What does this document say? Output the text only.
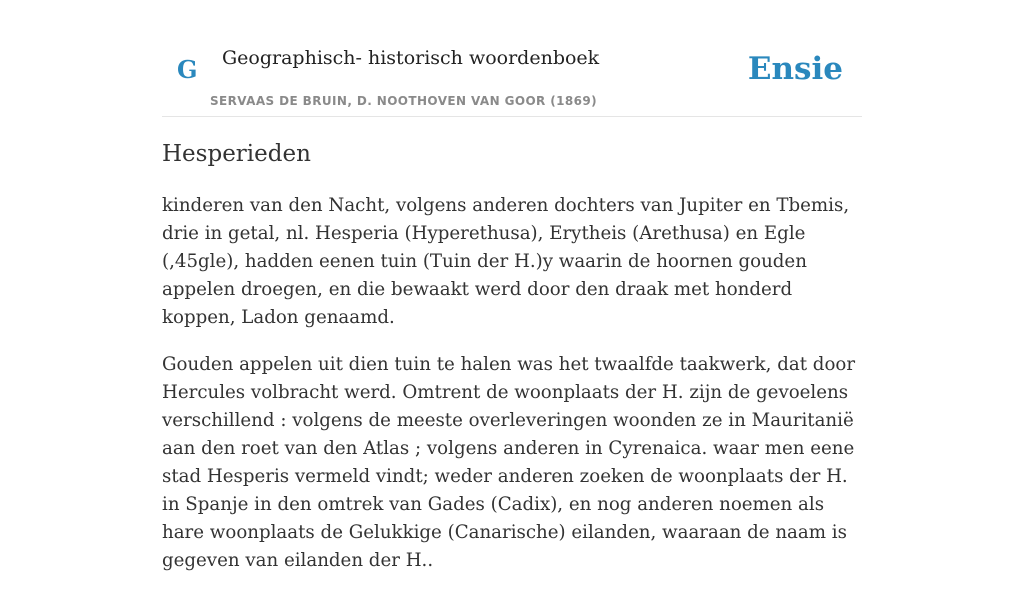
G Geographisch- historisch woordenboek
SERVAAS DE BRUIN, D. NOOTHOVEN VAN GOOR (1869)
Ensie
Hesperieden

kinderen van den Nacht, volgens anderen dochters van Jupiter en Tbemis, drie in getal, nl. Hesperia (Hyperethusa), Erytheis (Arethusa) en Egle (,45gle), hadden eenen tuin (Tuin der H.)y waarin de hoornen gouden appelen droegen, en die bewaakt werd door den draak met honderd koppen, Ladon genaamd.

Gouden appelen uit dien tuin te halen was het twaalfde taakwerk, dat door Hercules volbracht werd. Omtrent de woonplaats der H. zijn de gevoelens verschillend : volgens de meeste overleveringen woonden ze in Mauritanië aan den roet van den Atlas ; volgens anderen in Cyrenaica. waar men eene stad Hesperis vermeld vindt; weder anderen zoeken de woonplaats der H. in Spanje in den omtrek van Gades (Cadix), en nog anderen noemen als hare woonplaats de Gelukkige (Canarische) eilanden, waaraan de naam is gegeven van eilanden der H..
